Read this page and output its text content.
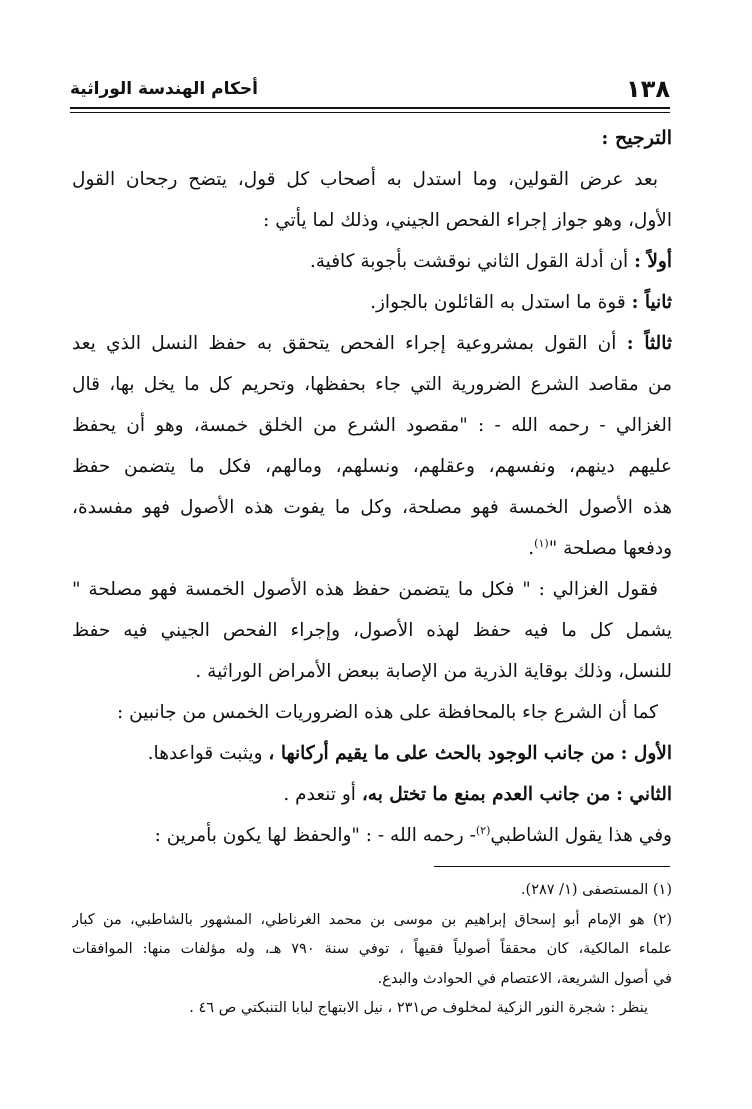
١٣٨
أحكام الهندسة الوراثية
الترجيح :
بعد عرض القولين، وما استدل به أصحاب كل قول، يتضح رجحان القول
الأول، وهو جواز إجراء الفحص الجيني، وذلك لما يأتي :
أولاً : أن أدلة القول الثاني نوقشت بأجوبة كافية.
ثانياً : قوة ما استدل به القائلون بالجواز.
ثالثاً : أن القول بمشروعية إجراء الفحص يتحقق به حفظ النسل الذي يعد
من مقاصد الشرع الضرورية التي جاء بحفظها، وتحريم كل ما يخل بها، قال
الغزالي - رحمه الله - : "مقصود الشرع من الخلق خمسة، وهو أن يحفظ
عليهم دينهم، ونفسهم، وعقلهم، ونسلهم، ومالهم، فكل ما يتضمن حفظ
هذه الأصول الخمسة فهو مصلحة، وكل ما يفوت هذه الأصول فهو مفسدة،
ودفعها مصلحة "$^{(١)}$.
فقول الغزالي : " فكل ما يتضمن حفظ هذه الأصول الخمسة فهو مصلحة "
يشمل كل ما فيه حفظ لهذه الأصول، وإجراء الفحص الجيني فيه حفظ
للنسل، وذلك بوقاية الذرية من الإصابة ببعض الأمراض الوراثية .
كما أن الشرع جاء بالمحافظة على هذه الضروريات الخمس من جانبين :
الأول : من جانب الوجود بالحث على ما يقيم أركانها ، ويثبت قواعدها.
الثاني : من جانب العدم بمنع ما تختل به، أو تنعدم .
وفي هذا يقول الشاطبي$^{(٢)}$- رحمه الله - : "والحفظ لها يكون بأمرين :
(١) المستصفى (١/ ٢٨٧).
(٢) هو الإمام أبو إسحاق إبراهيم بن موسى بن محمد الغرناطي، المشهور بالشاطبي، من كبار
علماء المالكية، كان محققاً أصولياً فقيهاً ، توفي سنة ٧٩٠ هـ، وله مؤلفات منها: الموافقات
في أصول الشريعة، الاعتصام في الحوادث والبدع.
ينظر : شجرة النور الزكية لمخلوف ص٢٣١ ، نيل الابتهاج لبابا التنبكتي ص ٤٦ .
